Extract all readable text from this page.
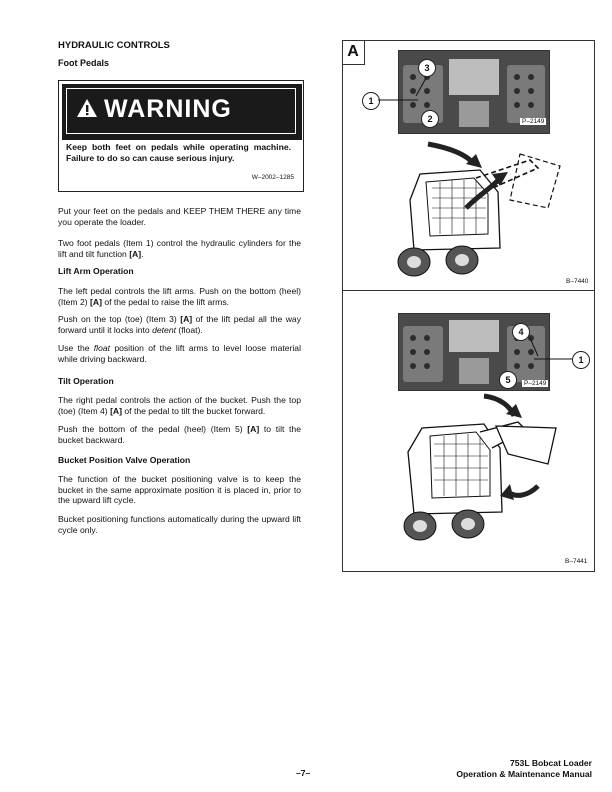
HYDRAULIC CONTROLS
Foot Pedals
WARNING
Keep both feet on pedals while operating machine. Failure to do so can cause serious injury.
W–2002–1285
Put your feet on the pedals and KEEP THEM THERE any time you operate the loader.
Two foot pedals (Item 1) control the hydraulic cylinders for the lift and tilt function [A].
Lift Arm Operation
The left pedal controls the lift arms. Push on the bottom (heel) (Item 2) [A] of the pedal to raise the lift arms.
Push on the top (toe) (Item 3) [A] of the lift pedal all the way forward until it locks into detent (float).
Use the float position of the lift arms to level loose material while driving backward.
Tilt Operation
The right pedal controls the action of the bucket. Push the top (toe) (Item 4) [A] of the pedal to tilt the bucket forward.
Push the bottom of the pedal (heel) (Item 5) [A] to tilt the bucket backward.
Bucket Position Valve Operation
The function of the bucket positioning valve is to keep the bucket in the same approximate position it is placed in, prior to the upward lift cycle.
Bucket positioning functions automatically during the upward lift cycle only.
A
P–2149
3
2
1
B–7440
P–2149
4
5
1
B–7441
–7–
753L Bobcat Loader
Operation & Maintenance Manual
